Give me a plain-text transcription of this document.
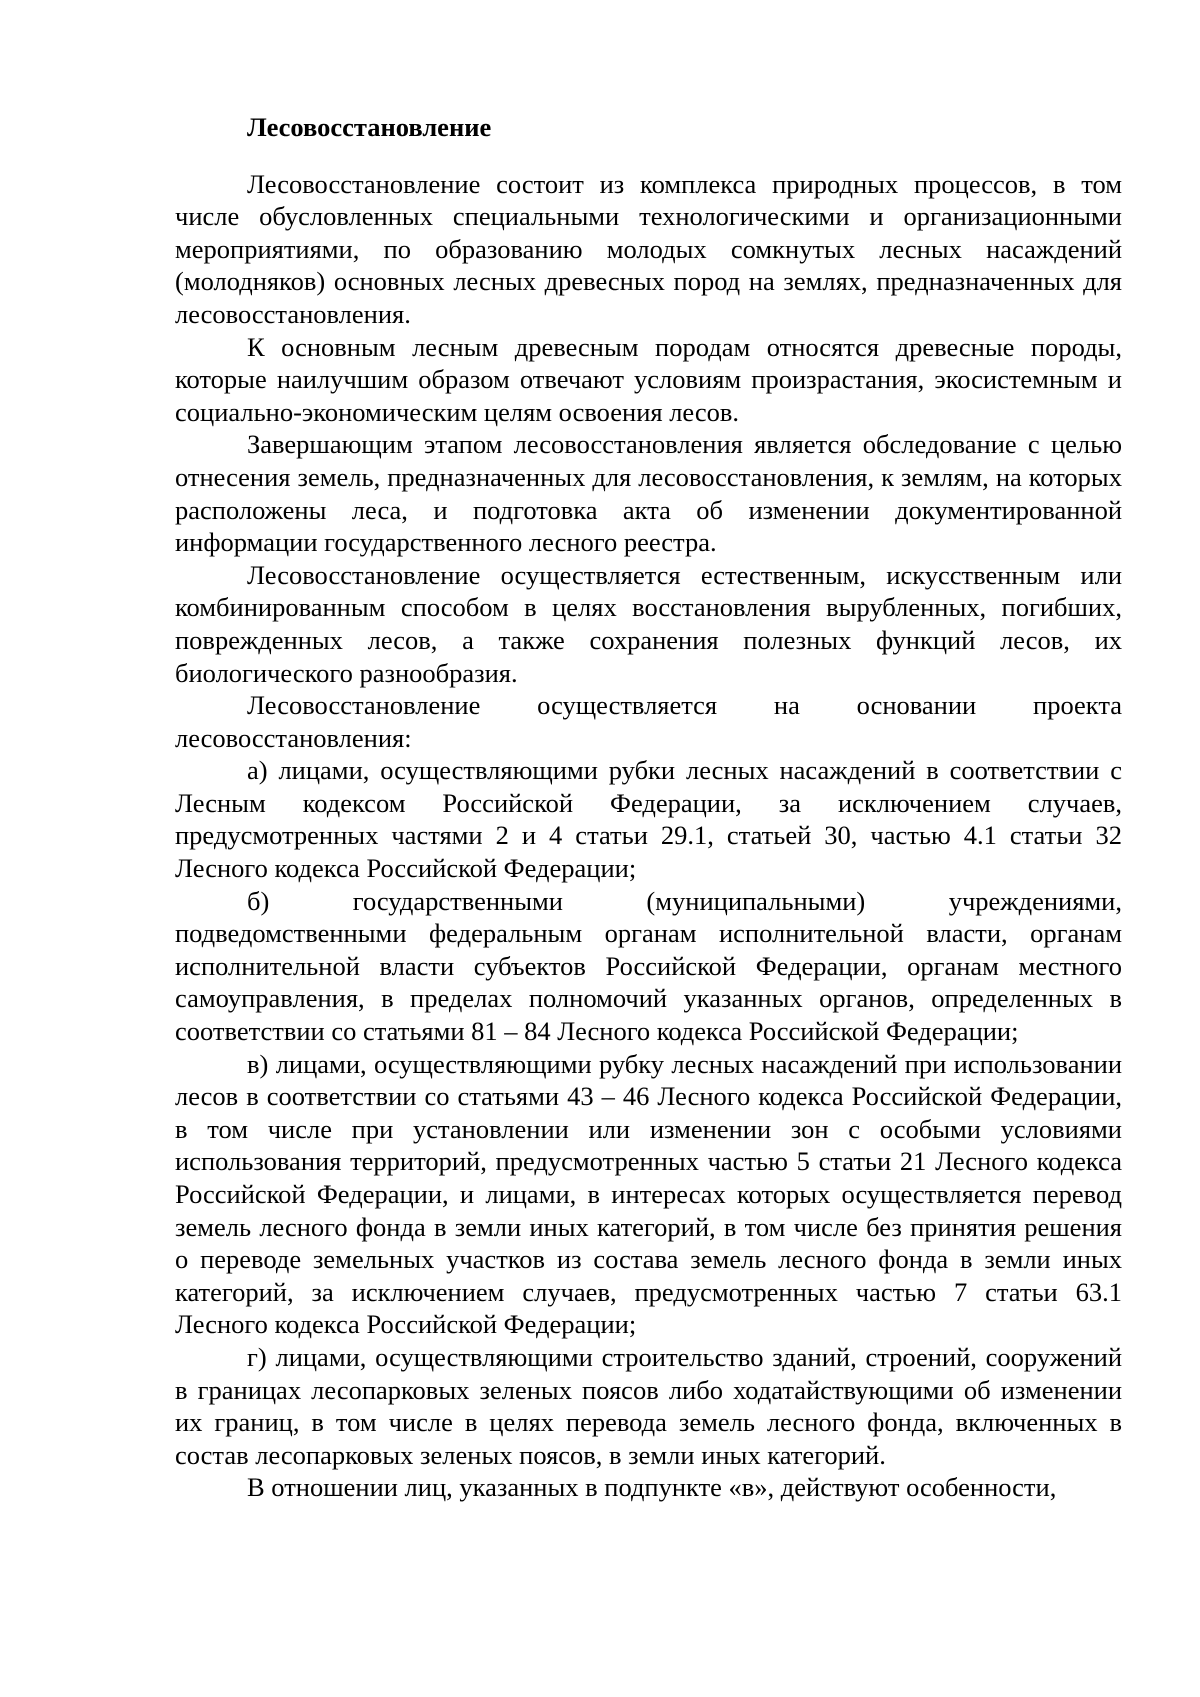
Лесовосстановление

Лесовосстановление состоит из комплекса природных процессов, в том числе обусловленных специальными технологическими и организационными мероприятиями, по образованию молодых сомкнутых лесных насаждений (молодняков) основных лесных древесных пород на землях, предназначенных для лесовосстановления.

К основным лесным древесным породам относятся древесные породы, которые наилучшим образом отвечают условиям произрастания, экосистемным и социально-экономическим целям освоения лесов.

Завершающим этапом лесовосстановления является обследование с целью отнесения земель, предназначенных для лесовосстановления, к землям, на которых расположены леса, и подготовка акта об изменении документированной информации государственного лесного реестра.

Лесовосстановление осуществляется естественным, искусственным или комбинированным способом в целях восстановления вырубленных, погибших, поврежденных лесов, а также сохранения полезных функций лесов, их биологического разнообразия.

Лесовосстановление осуществляется на основании проекта лесовосстановления:

а) лицами, осуществляющими рубки лесных насаждений в соответствии с Лесным кодексом Российской Федерации, за исключением случаев, предусмотренных частями 2 и 4 статьи 29.1, статьей 30, частью 4.1 статьи 32 Лесного кодекса Российской Федерации;

б) государственными (муниципальными) учреждениями, подведомственными федеральным органам исполнительной власти, органам исполнительной власти субъектов Российской Федерации, органам местного самоуправления, в пределах полномочий указанных органов, определенных в соответствии со статьями 81 – 84 Лесного кодекса Российской Федерации;

в) лицами, осуществляющими рубку лесных насаждений при использовании лесов в соответствии со статьями 43 – 46 Лесного кодекса Российской Федерации, в том числе при установлении или изменении зон с особыми условиями использования территорий, предусмотренных частью 5 статьи 21 Лесного кодекса Российской Федерации, и лицами, в интересах которых осуществляется перевод земель лесного фонда в земли иных категорий, в том числе без принятия решения о переводе земельных участков из состава земель лесного фонда в земли иных категорий, за исключением случаев, предусмотренных частью 7 статьи 63.1 Лесного кодекса Российской Федерации;

г) лицами, осуществляющими строительство зданий, строений, сооружений в границах лесопарковых зеленых поясов либо ходатайствующими об изменении их границ, в том числе в целях перевода земель лесного фонда, включенных в состав лесопарковых зеленых поясов, в земли иных категорий.

В отношении лиц, указанных в подпункте «в», действуют особенности,
